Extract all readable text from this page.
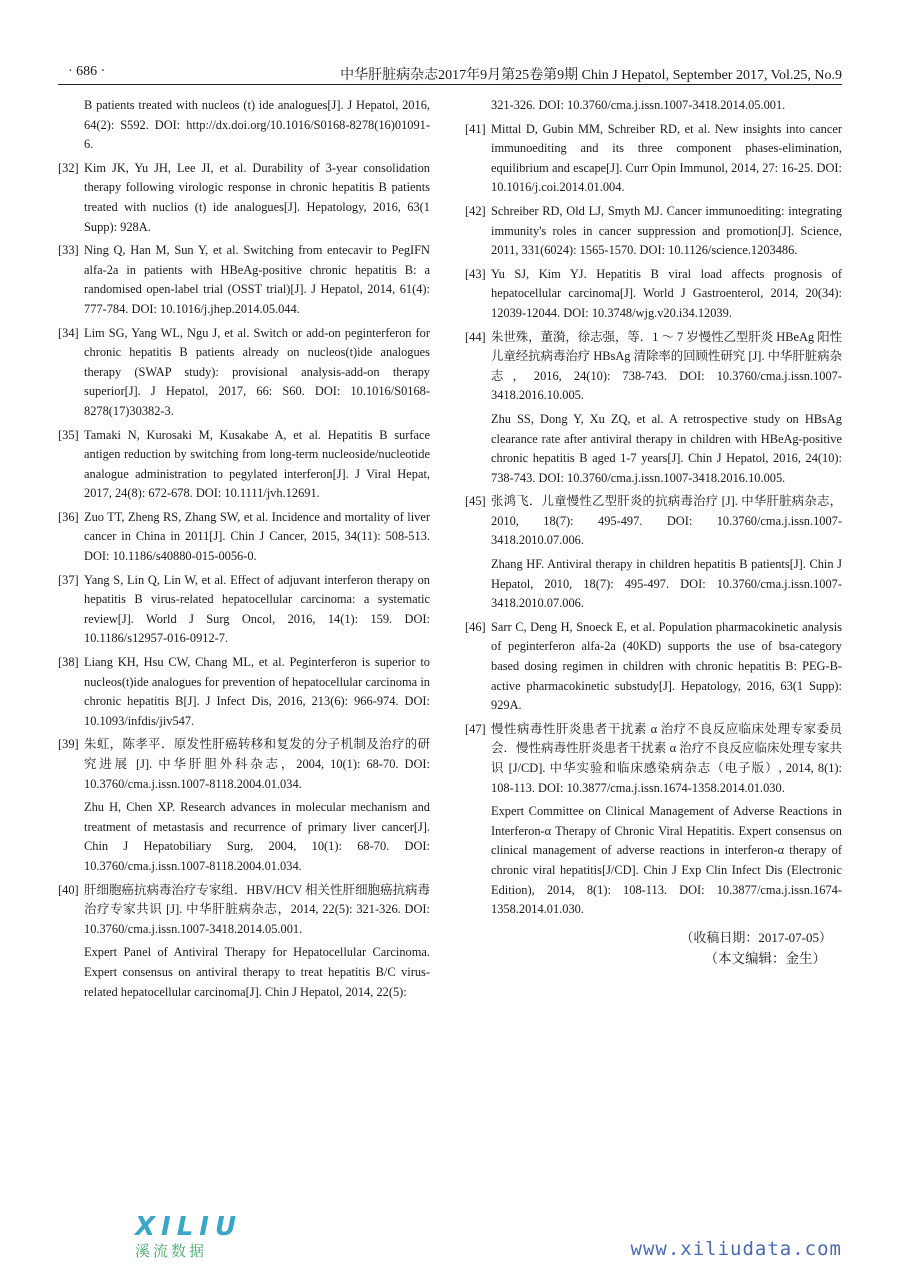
· 686 ·	中华肝脏病杂志2017年9月第25卷第9期 Chin J Hepatol, September 2017, Vol.25, No.9

B patients treated with nucleos (t) ide analogues[J]. J Hepatol, 2016, 64(2): S592. DOI: http://dx.doi.org/10.1016/S0168-8278(16)01091-6.

[32] Kim JK, Yu JH, Lee JI, et al. Durability of 3-year consolidation therapy following virologic response in chronic hepatitis B patients treated with nuclios (t) ide analogues[J]. Hepatology, 2016, 63(1 Supp): 928A.

[33] Ning Q, Han M, Sun Y, et al. Switching from entecavir to PegIFN alfa-2a in patients with HBeAg-positive chronic hepatitis B: a randomised open-label trial (OSST trial)[J]. J Hepatol, 2014, 61(4): 777-784. DOI: 10.1016/j.jhep.2014.05.044.

[34] Lim SG, Yang WL, Ngu J, et al. Switch or add-on peginterferon for chronic hepatitis B patients already on nucleos(t)ide analogues therapy (SWAP study): provisional analysis-add-on therapy superior[J]. J Hepatol, 2017, 66: S60. DOI: 10.1016/S0168-8278(17)30382-3.

[35] Tamaki N, Kurosaki M, Kusakabe A, et al. Hepatitis B surface antigen reduction by switching from long-term nucleoside/nucleotide analogue administration to pegylated interferon[J]. J Viral Hepat, 2017, 24(8): 672-678. DOI: 10.1111/jvh.12691.

[36] Zuo TT, Zheng RS, Zhang SW, et al. Incidence and mortality of liver cancer in China in 2011[J]. Chin J Cancer, 2015, 34(11): 508-513. DOI: 10.1186/s40880-015-0056-0.

[37] Yang S, Lin Q, Lin W, et al. Effect of adjuvant interferon therapy on hepatitis B virus-related hepatocellular carcinoma: a systematic review[J]. World J Surg Oncol, 2016, 14(1): 159. DOI: 10.1186/s12957-016-0912-7.

[38] Liang KH, Hsu CW, Chang ML, et al. Peginterferon is superior to nucleos(t)ide analogues for prevention of hepatocellular carcinoma in chronic hepatitis B[J]. J Infect Dis, 2016, 213(6): 966-974. DOI: 10.1093/infdis/jiv547.

[39] 朱虹，陈孝平．原发性肝癌转移和复发的分子机制及治疗的研究进展 [J]. 中华肝胆外科杂志，2004, 10(1): 68-70. DOI: 10.3760/cma.j.issn.1007-8118.2004.01.034.

Zhu H, Chen XP. Research advances in molecular mechanism and treatment of metastasis and recurrence of primary liver cancer[J]. Chin J Hepatobiliary Surg, 2004, 10(1): 68-70. DOI: 10.3760/cma.j.issn.1007-8118.2004.01.034.

[40] 肝细胞癌抗病毒治疗专家组．HBV/HCV 相关性肝细胞癌抗病毒治疗专家共识 [J]. 中华肝脏病杂志，2014, 22(5): 321-326. DOI: 10.3760/cma.j.issn.1007-3418.2014.05.001.

Expert Panel of Antiviral Therapy for Hepatocellular Carcinoma. Expert consensus on antiviral therapy to treat hepatitis B/C virus-related hepatocellular carcinoma[J]. Chin J Hepatol, 2014, 22(5):

321-326. DOI: 10.3760/cma.j.issn.1007-3418.2014.05.001.

[41] Mittal D, Gubin MM, Schreiber RD, et al. New insights into cancer immunoediting and its three component phases-elimination, equilibrium and escape[J]. Curr Opin Immunol, 2014, 27: 16-25. DOI: 10.1016/j.coi.2014.01.004.

[42] Schreiber RD, Old LJ, Smyth MJ. Cancer immunoediting: integrating immunity's roles in cancer suppression and promotion[J]. Science, 2011, 331(6024): 1565-1570. DOI: 10.1126/science.1203486.

[43] Yu SJ, Kim YJ. Hepatitis B viral load affects prognosis of hepatocellular carcinoma[J]. World J Gastroenterol, 2014, 20(34): 12039-12044. DOI: 10.3748/wjg.v20.i34.12039.

[44] 朱世殊，董漪，徐志强，等．1 ～ 7 岁慢性乙型肝炎 HBeAg 阳性儿童经抗病毒治疗 HBsAg 清除率的回顾性研究 [J]. 中华肝脏病杂志，2016, 24(10): 738-743. DOI: 10.3760/cma.j.issn.1007-3418.2016.10.005.

Zhu SS, Dong Y, Xu ZQ, et al. A retrospective study on HBsAg clearance rate after antiviral therapy in children with HBeAg-positive chronic hepatitis B aged 1-7 years[J]. Chin J Hepatol, 2016, 24(10): 738-743. DOI: 10.3760/cma.j.issn.1007-3418.2016.10.005.

[45] 张鸿飞．儿童慢性乙型肝炎的抗病毒治疗 [J]. 中华肝脏病杂志，2010, 18(7): 495-497. DOI: 10.3760/cma.j.issn.1007-3418.2010.07.006.

Zhang HF. Antiviral therapy in children hepatitis B patients[J]. Chin J Hepatol, 2010, 18(7): 495-497. DOI: 10.3760/cma.j.issn.1007-3418.2010.07.006.

[46] Sarr C, Deng H, Snoeck E, et al. Population pharmacokinetic analysis of peginterferon alfa-2a (40KD) supports the use of bsa-category based dosing regimen in children with chronic hepatitis B: PEG-B-active pharmacokinetic substudy[J]. Hepatology, 2016, 63(1 Supp): 929A.

[47] 慢性病毒性肝炎患者干扰素 α 治疗不良反应临床处理专家委员会．慢性病毒性肝炎患者干扰素 α 治疗不良反应临床处理专家共识 [J/CD]. 中华实验和临床感染病杂志（电子版）, 2014, 8(1): 108-113. DOI: 10.3877/cma.j.issn.1674-1358.2014.01.030.

Expert Committee on Clinical Management of Adverse Reactions in Interferon-α Therapy of Chronic Viral Hepatitis. Expert consensus on clinical management of adverse reactions in interferon-α therapy of chronic viral hepatitis[J/CD]. Chin J Exp Clin Infect Dis (Electronic Edition), 2014, 8(1): 108-113. DOI: 10.3877/cma.j.issn.1674-1358.2014.01.030.

（收稿日期：2017-07-05）
（本文编辑：金生）
XILIU
溪流数据	www.xiliudata.com
